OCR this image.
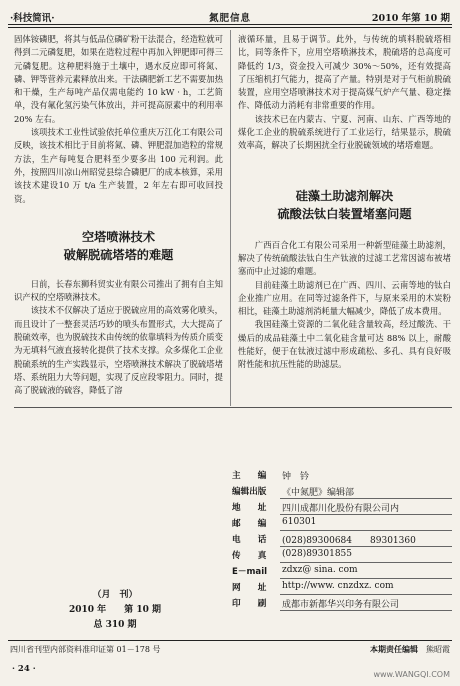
·科技简讯·	氮肥信息	2010 年第 10 期

固体铵磷肥，将其与低品位磷矿粉干法混合，经造粒就可得到二元磷复肥，如果在造粒过程中再加入钾肥即可得三元磷复肥。这种肥料施于土壤中，遇水反应即可将氮、磷、钾等营养元素释放出来。干法磷肥新工艺不需要加热和干燥，生产每吨产品仅需电能约 10 kW · h，工艺简单，没有氟化氢污染气体放出，并可提高原素中的利用率 20% 左右。

该项技术工业性试验依托单位重庆万江化工有限公司反映，该技术相比于目前将氮、磷、钾肥混加造粒的常规方法，生产每吨复合肥料至少要多出 100 元利润。此外，按照四川凉山州昭觉县综合磷肥厂的成本核算，采用该技术建设10 万 t/a 生产装置，2 年左右即可收回投资。

空塔喷淋技术
破解脱硫塔塔的难题

日前，长春东狮科贸实业有限公司推出了拥有自主知识产权的空塔喷淋技术。

该技术不仅解决了适应于脱硫应用的高效雾化喷头，而且设计了一整套灵活巧妙的喷头布置形式，大大提高了脱硫效率，也为脱硫技术由传统的依靠填料为传质介质变为无填料气液直接转化提供了技术支撑。众多煤化工企业脱硫系统的生产实践显示，空塔喷淋技术解决了脱硫塔堵塔、系统阻力大等问题，实现了反应段零阻力。同时，提高了脱硫液的硫容，降低了溶

液循环量，且易于调节。此外，与传统的填料脱硫塔相比，同等条件下，应用空塔喷淋技术，脱硫塔的总高度可降低约 1/3，资金投入可减少 30%～50%，还有效提高了压缩机打气能力，提高了产量。特别是对于气柜前脱硫装置，应用空塔喷淋技术对于提高煤气炉产气量、稳定操作、降低动力消耗有非常重要的作用。

该技术已在内蒙古、宁夏、河南、山东、广西等地的煤化工企业的脱硫系统进行了工业运行，结果显示，脱硫效率高，解决了长期困扰全行业脱硫领域的堵塔难题。

硅藻土助滤剂解决
硫酸法钛白装置堵塞问题

广西百合化工有限公司采用一种新型硅藻土助滤剂，解决了传统硫酸法钛白生产钛液的过滤工艺常因滤布被堵塞而中止过滤的难题。

目前硅藻土助滤剂已在广西、四川、云南等地的钛白企业推广应用。在同等过滤条件下，与原来采用的木炭粉相比，硅藻土助滤剂消耗量大幅减少，降低了成本费用。

我国硅藻土资源的二氧化硅含量较高，经过酸洗、干燥后的成品硅藻土中二氧化硅含量可达 88% 以上，耐酸性能好，便于在钛液过滤中形成疏松、多孔、具有良好吸附性能和抗压性能的助滤层。

主　　编	钟　钤
编辑出版	《中氮肥》编辑部
地　　址	四川成都川化股份有限公司内
邮　　编	610301
电　　话	(028)89300684　　89301360
传　　真	(028)89301855
E－mail	zdxz@ sina. com
网　　址	http://www. cnzdxz. com
印　　刷	成都市新都华兴印务有限公司
（月　刊）
2010 年　　第 10 期
总 310 期
四川省刊型内部资料准印证第 01－178 号	本期责任编辑　 熊昭霞
· 24 ·
www.WANGQI.COM
